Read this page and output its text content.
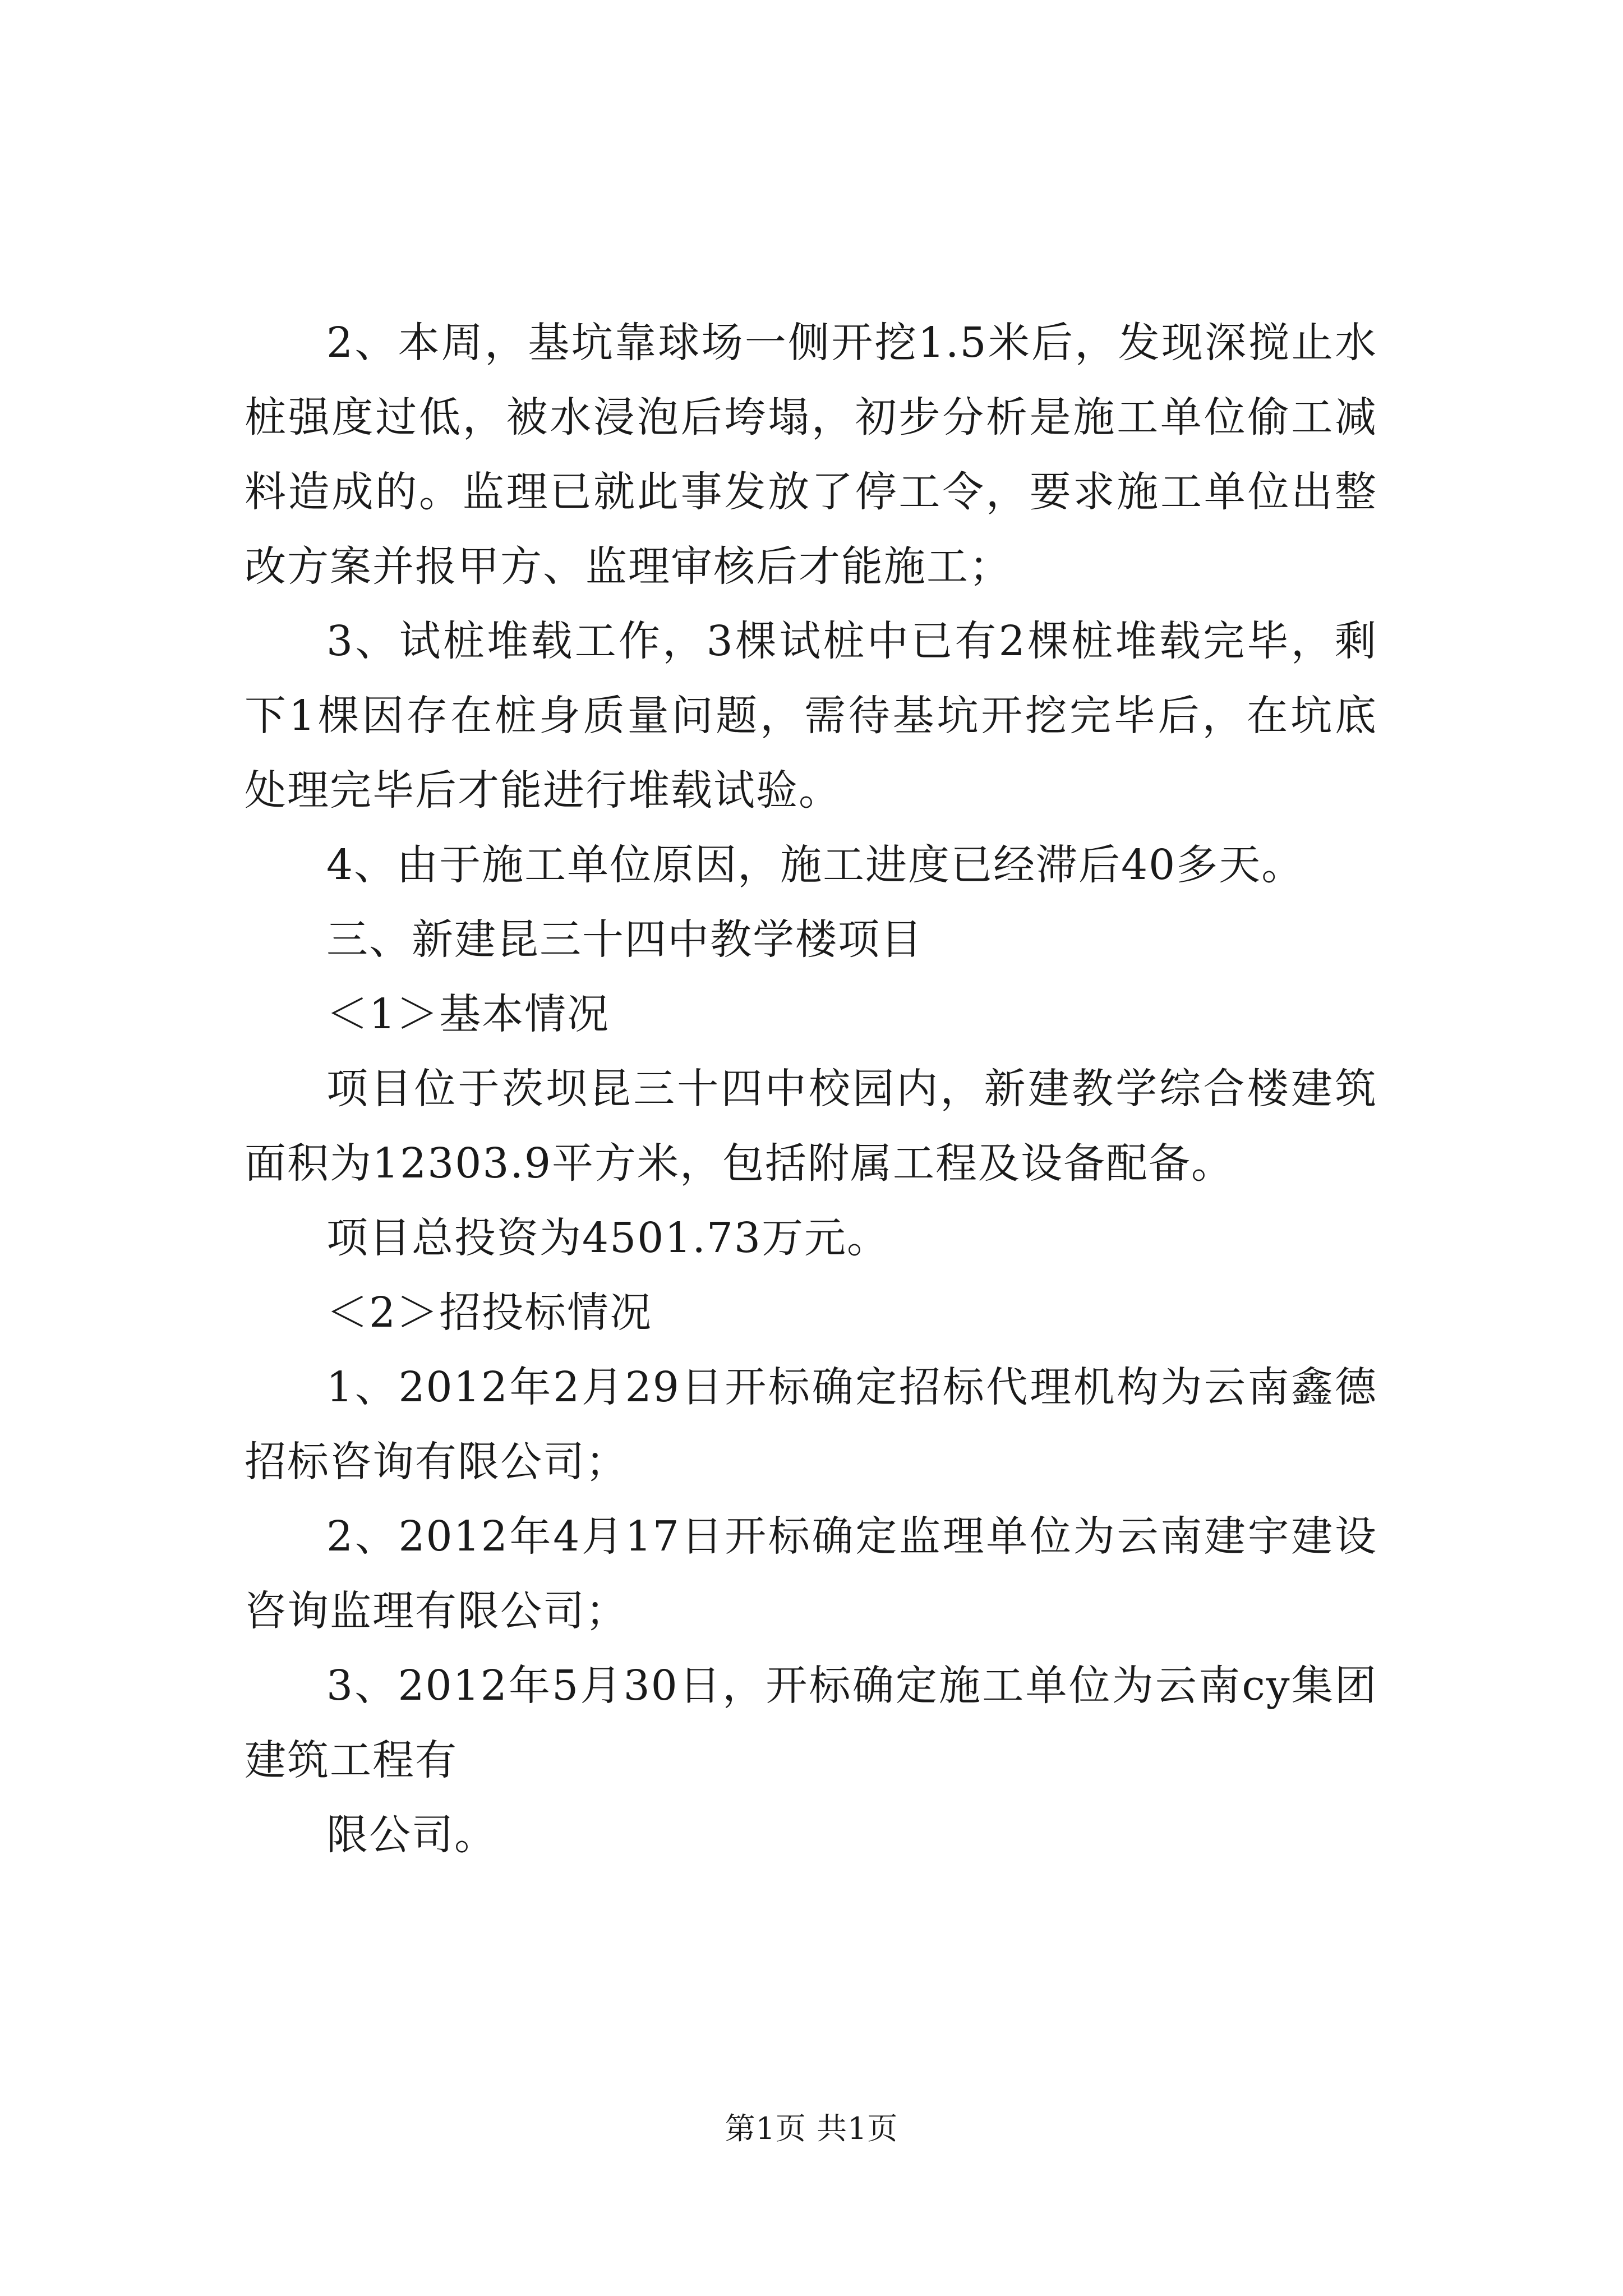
2、本周，基坑靠球场一侧开挖1.5米后，发现深搅止水桩强度过低，被水浸泡后垮塌，初步分析是施工单位偷工减料造成的。监理已就此事发放了停工令，要求施工单位出整改方案并报甲方、监理审核后才能施工；

3、试桩堆载工作，3棵试桩中已有2棵桩堆载完毕，剩下1棵因存在桩身质量问题，需待基坑开挖完毕后，在坑底处理完毕后才能进行堆载试验。

4、由于施工单位原因，施工进度已经滞后40多天。

三、新建昆三十四中教学楼项目

＜1＞基本情况

项目位于茨坝昆三十四中校园内，新建教学综合楼建筑面积为12303.9平方米，包括附属工程及设备配备。

项目总投资为4501.73万元。

＜2＞招投标情况

1、2012年2月29日开标确定招标代理机构为云南鑫德招标咨询有限公司；

2、2012年4月17日开标确定监理单位为云南建宇建设咨询监理有限公司；

3、2012年5月30日，开标确定施工单位为云南cy集团建筑工程有

限公司。

第1页 共1页
